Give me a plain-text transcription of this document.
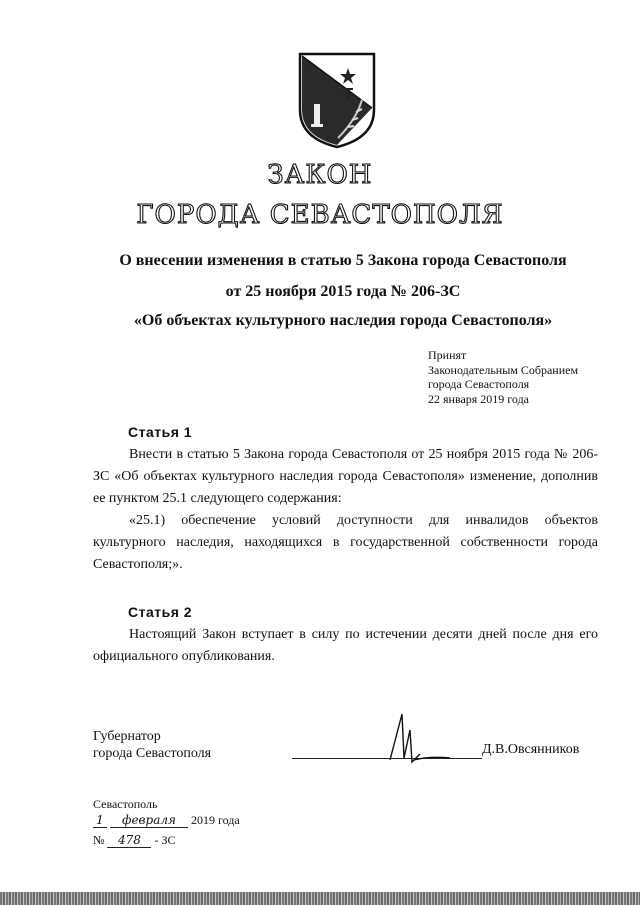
ЗАКОН
ГОРОДА СЕВАСТОПОЛЯ
О внесении изменения в статью 5 Закона города Севастополя
от 25 ноября 2015 года № 206-ЗС
«Об объектах культурного наследия города Севастополя»
Принят
Законодательным Собранием
города Севастополя
22 января 2019 года
Статья 1

Внести в статью 5 Закона города Севастополя от 25 ноября 2015 года № 206-ЗС «Об объектах культурного наследия города Севастополя» изменение, дополнив ее пунктом 25.1 следующего содержания:

«25.1) обеспечение условий доступности для инвалидов объектов культурного наследия, находящихся в государственной собственности города Севастополя;».

Статья 2

Настоящий Закон вступает в силу по истечении десяти дней после дня его официального опубликования.

Губернатор
города Севастополя	Д.В.Овсянников
Севастополь
1 февраля 2019 года
№ 478 - ЗС
